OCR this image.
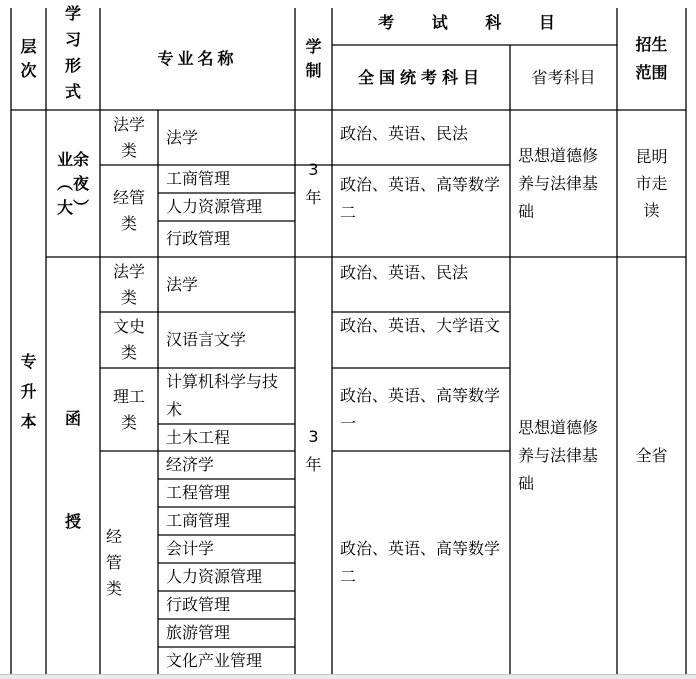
层次
学习形式
专业名称
学制
考 试 科 目
全国统考科目	省考科目
招生范围
专升本
业余︵夜大︶
法学类
法学
经管类
工商管理
人力资源管理
行政管理
3年
政治、英语、民法
政治、英语、高等数学二
思想道德修养与法律基础
昆明市走读
函
授
法学类
法学
文史类
汉语言文学
理工类
计算机科学与技术
土木工程
经管类
经济学
工程管理
工商管理
会计学
人力资源管理
行政管理
旅游管理
文化产业管理
3年
政治、英语、民法
政治、英语、大学语文
政治、英语、高等数学一
政治、英语、高等数学二
思想道德修养与法律基础
全省
